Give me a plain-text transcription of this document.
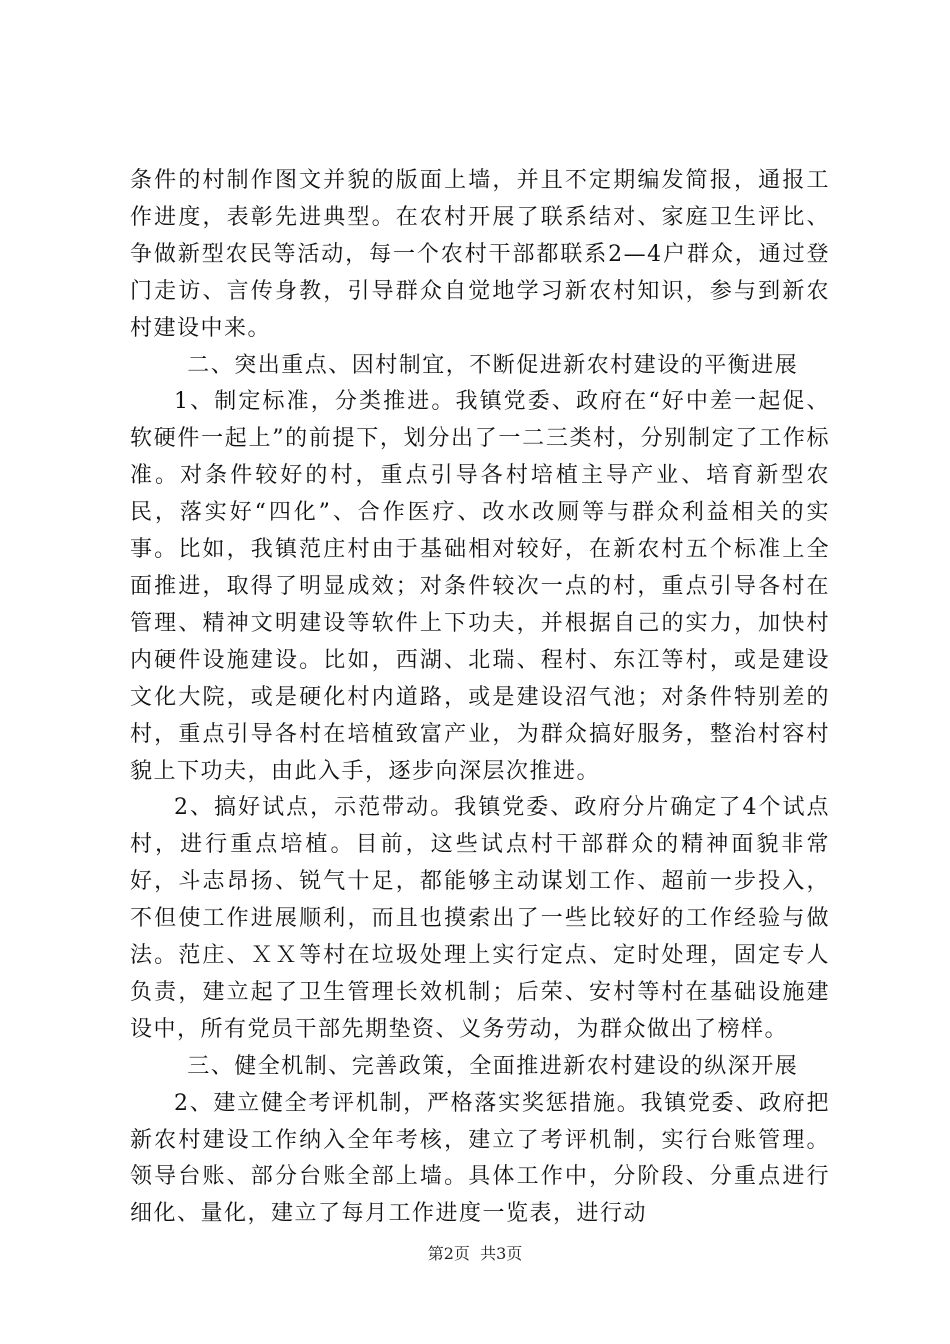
条件的村制作图文并貌的版面上墙，并且不定期编发简报，通报工作进度，表彰先进典型。在农村开展了联系结对、家庭卫生评比、争做新型农民等活动，每一个农村干部都联系2—4户群众，通过登门走访、言传身教，引导群众自觉地学习新农村知识，参与到新农村建设中来。

二、突出重点、因村制宜，不断促进新农村建设的平衡进展

1、制定标准，分类推进。我镇党委、政府在“好中差一起促、软硬件一起上”的前提下，划分出了一二三类村，分别制定了工作标准。对条件较好的村，重点引导各村培植主导产业、培育新型农民，落实好“四化”、合作医疗、改水改厕等与群众利益相关的实事。比如，我镇范庄村由于基础相对较好，在新农村五个标准上全面推进，取得了明显成效；对条件较次一点的村，重点引导各村在管理、精神文明建设等软件上下功夫，并根据自己的实力，加快村内硬件设施建设。比如，西湖、北瑞、程村、东江等村，或是建设文化大院，或是硬化村内道路，或是建设沼气池；对条件特别差的村，重点引导各村在培植致富产业，为群众搞好服务，整治村容村貌上下功夫，由此入手，逐步向深层次推进。

2、搞好试点，示范带动。我镇党委、政府分片确定了4个试点村，进行重点培植。目前，这些试点村干部群众的精神面貌非常好，斗志昂扬、锐气十足，都能够主动谋划工作、超前一步投入，不但使工作进展顺利，而且也摸索出了一些比较好的工作经验与做法。范庄、ＸＸ等村在垃圾处理上实行定点、定时处理，固定专人负责，建立起了卫生管理长效机制；后荣、安村等村在基础设施建设中，所有党员干部先期垫资、义务劳动，为群众做出了榜样。

三、健全机制、完善政策，全面推进新农村建设的纵深开展

2、建立健全考评机制，严格落实奖惩措施。我镇党委、政府把新农村建设工作纳入全年考核，建立了考评机制，实行台账管理。领导台账、部分台账全部上墙。具体工作中，分阶段、分重点进行细化、量化，建立了每月工作进度一览表，进行动

第2页  共3页
